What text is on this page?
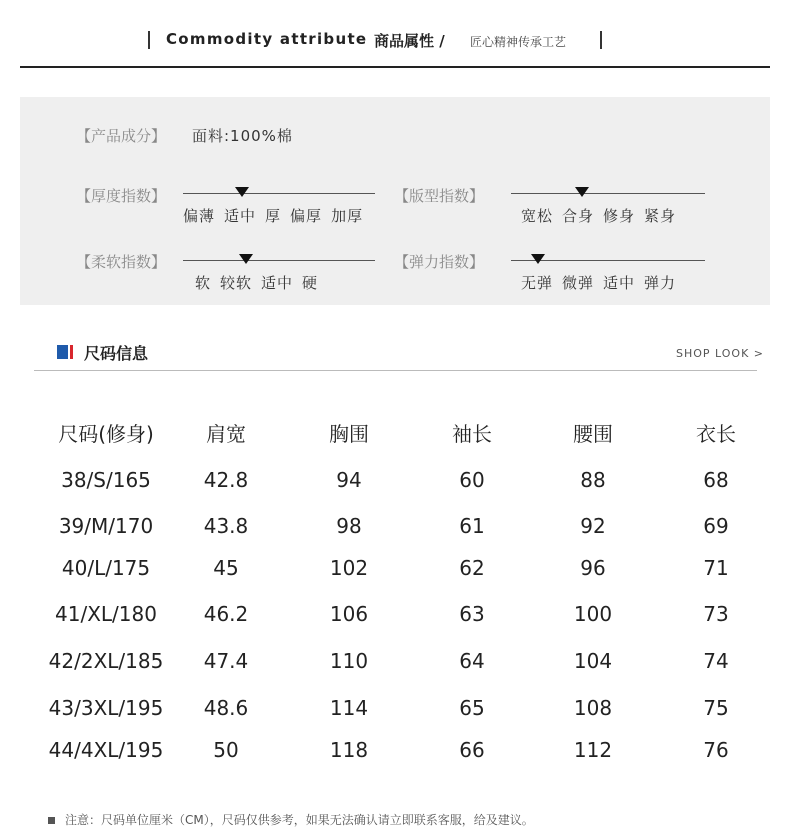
Commodity attribute 商品属性 / 匠心精神传承工艺
【产品成分】 面料:100%棉
【厚度指数】
偏薄 适中 厚 偏厚 加厚
【版型指数】
宽松 合身 修身 紧身
【柔软指数】
软 较软 适中 硬
【弹力指数】
无弹 微弹 适中 弹力
尺码信息	SHOP LOOK >
尺码(修身)	肩宽	胸围	袖长	腰围	衣长
38/S/165	42.8	94	60	88	68
39/M/170	43.8	98	61	92	69
40/L/175	45	102	62	96	71
41/XL/180 46.2	106	63	100	73
42/2XL/185 47.4	110	64	104	74
43/3XL/195 48.6	114	65	108	75
44/4XL/195 50	118	66	112	76
注意：尺码单位厘米（CM），尺码仅供参考，如果无法确认请立即联系客服，给及建议。
